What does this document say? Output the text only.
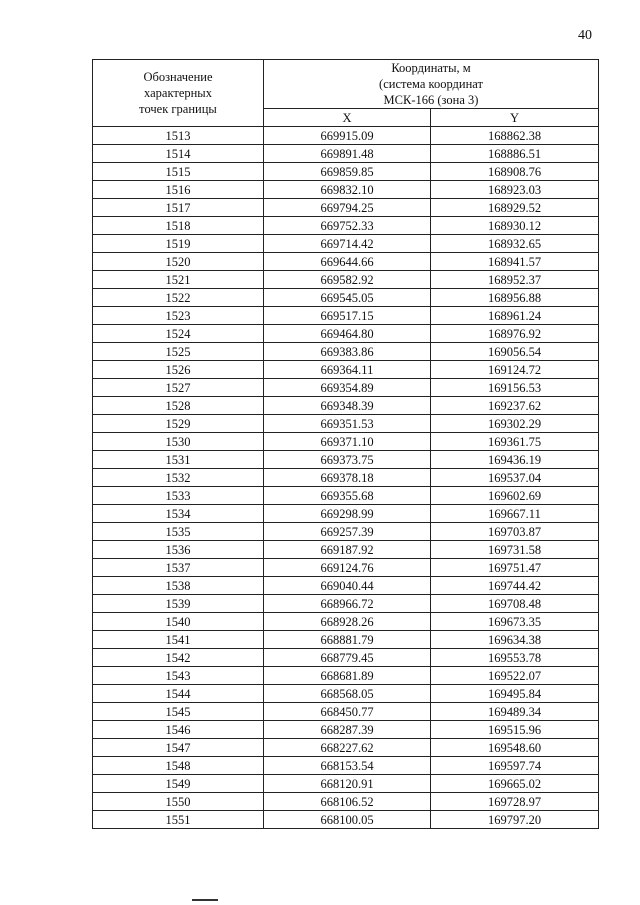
40
Обозначение
характерных
точек границы	Координаты, м
(система координат
МСК-166 (зона 3)	
	X	Y
1513	669915.09	168862.38
1514	669891.48	168886.51
1515	669859.85	168908.76
1516	669832.10	168923.03
1517	669794.25	168929.52
1518	669752.33	168930.12
1519	669714.42	168932.65
1520	669644.66	168941.57
1521	669582.92	168952.37
1522	669545.05	168956.88
1523	669517.15	168961.24
1524	669464.80	168976.92
1525	669383.86	169056.54
1526	669364.11	169124.72
1527	669354.89	169156.53
1528	669348.39	169237.62
1529	669351.53	169302.29
1530	669371.10	169361.75
1531	669373.75	169436.19
1532	669378.18	169537.04
1533	669355.68	169602.69
1534	669298.99	169667.11
1535	669257.39	169703.87
1536	669187.92	169731.58
1537	669124.76	169751.47
1538	669040.44	169744.42
1539	668966.72	169708.48
1540	668928.26	169673.35
1541	668881.79	169634.38
1542	668779.45	169553.78
1543	668681.89	169522.07
1544	668568.05	169495.84
1545	668450.77	169489.34
1546	668287.39	169515.96
1547	668227.62	169548.60
1548	668153.54	169597.74
1549	668120.91	169665.02
1550	668106.52	169728.97
1551	668100.05	169797.20
